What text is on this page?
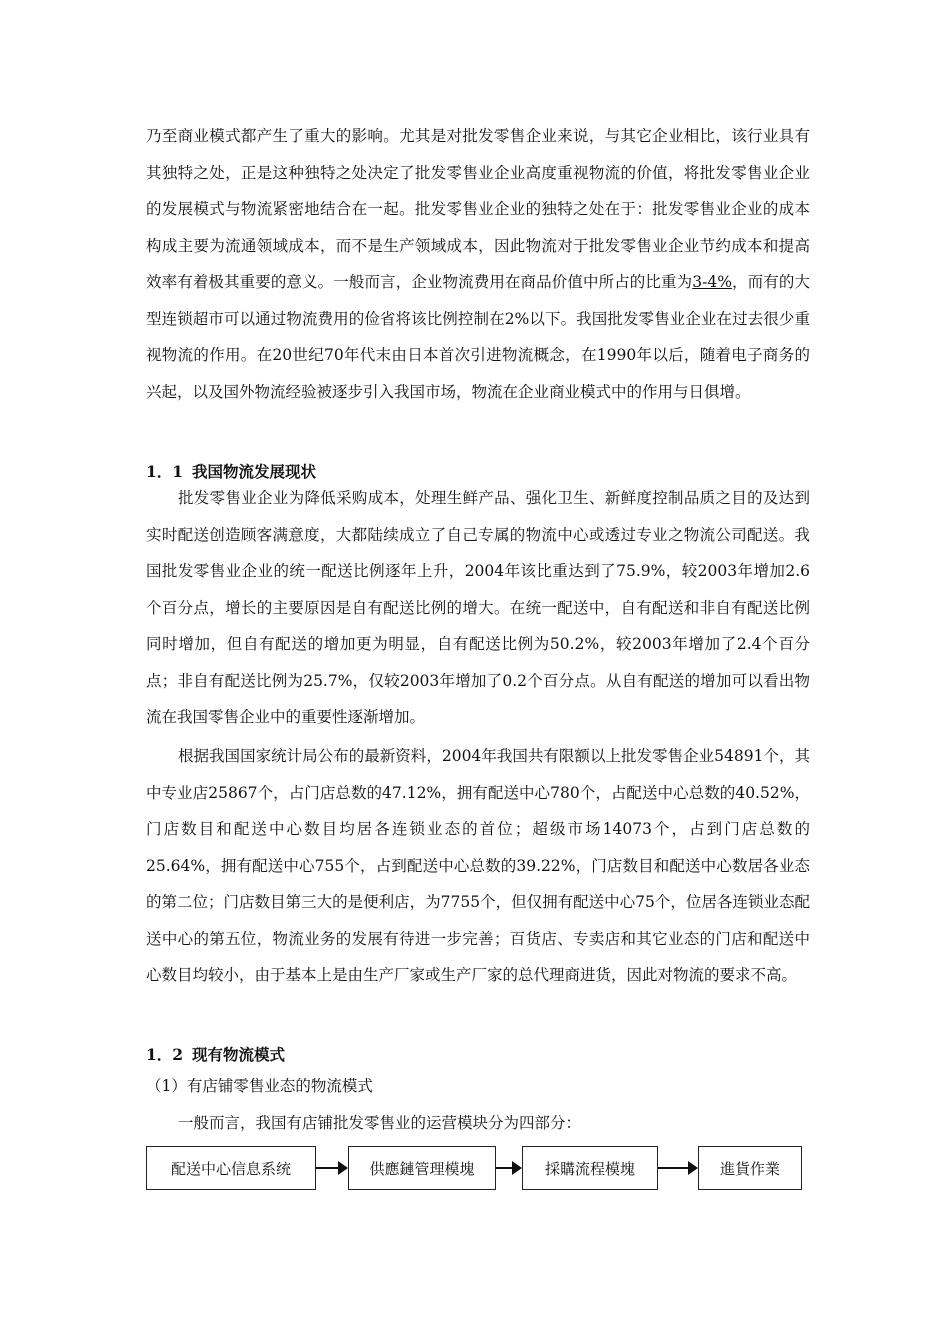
乃至商业模式都产生了重大的影响。尤其是对批发零售企业来说，与其它企业相比，该行业具有其独特之处，正是这种独特之处决定了批发零售业企业高度重视物流的价值，将批发零售业企业的发展模式与物流紧密地结合在一起。批发零售业企业的独特之处在于：批发零售业企业的成本构成主要为流通领域成本，而不是生产领域成本，因此物流对于批发零售业企业节约成本和提高效率有着极其重要的意义。一般而言，企业物流费用在商品价值中所占的比重为3-4%，而有的大型连锁超市可以通过物流费用的俭省将该比例控制在2%以下。我国批发零售业企业在过去很少重视物流的作用。在20世纪70年代末由日本首次引进物流概念，在1990年以后，随着电子商务的兴起，以及国外物流经验被逐步引入我国市场，物流在企业商业模式中的作用与日俱增。

1．1 我国物流发展现状

批发零售业企业为降低采购成本，处理生鲜产品、强化卫生、新鲜度控制品质之目的及达到实时配送创造顾客满意度，大都陆续成立了自己专属的物流中心或透过专业之物流公司配送。我国批发零售业企业的统一配送比例逐年上升，2004年该比重达到了75.9%，较2003年增加2.6个百分点，增长的主要原因是自有配送比例的增大。在统一配送中，自有配送和非自有配送比例同时增加，但自有配送的增加更为明显，自有配送比例为50.2%，较2003年增加了2.4个百分点；非自有配送比例为25.7%，仅较2003年增加了0.2个百分点。从自有配送的增加可以看出物流在我国零售企业中的重要性逐渐增加。

根据我国国家统计局公布的最新资料，2004年我国共有限额以上批发零售企业54891个，其中专业店25867个，占门店总数的47.12%，拥有配送中心780个，占配送中心总数的40.52%，门店数目和配送中心数目均居各连锁业态的首位；超级市场14073个，占到门店总数的25.64%，拥有配送中心755个，占到配送中心总数的39.22%，门店数目和配送中心数居各业态的第二位；门店数目第三大的是便利店，为7755个，但仅拥有配送中心75个，位居各连锁业态配送中心的第五位，物流业务的发展有待进一步完善；百货店、专卖店和其它业态的门店和配送中心数目均较小，由于基本上是由生产厂家或生产厂家的总代理商进货，因此对物流的要求不高。

1．2 现有物流模式

（1）有店铺零售业态的物流模式

一般而言，我国有店铺批发零售业的运营模块分为四部分：

配送中心信息系统	供應鏈管理模塊	採購流程模塊	進貨作業
